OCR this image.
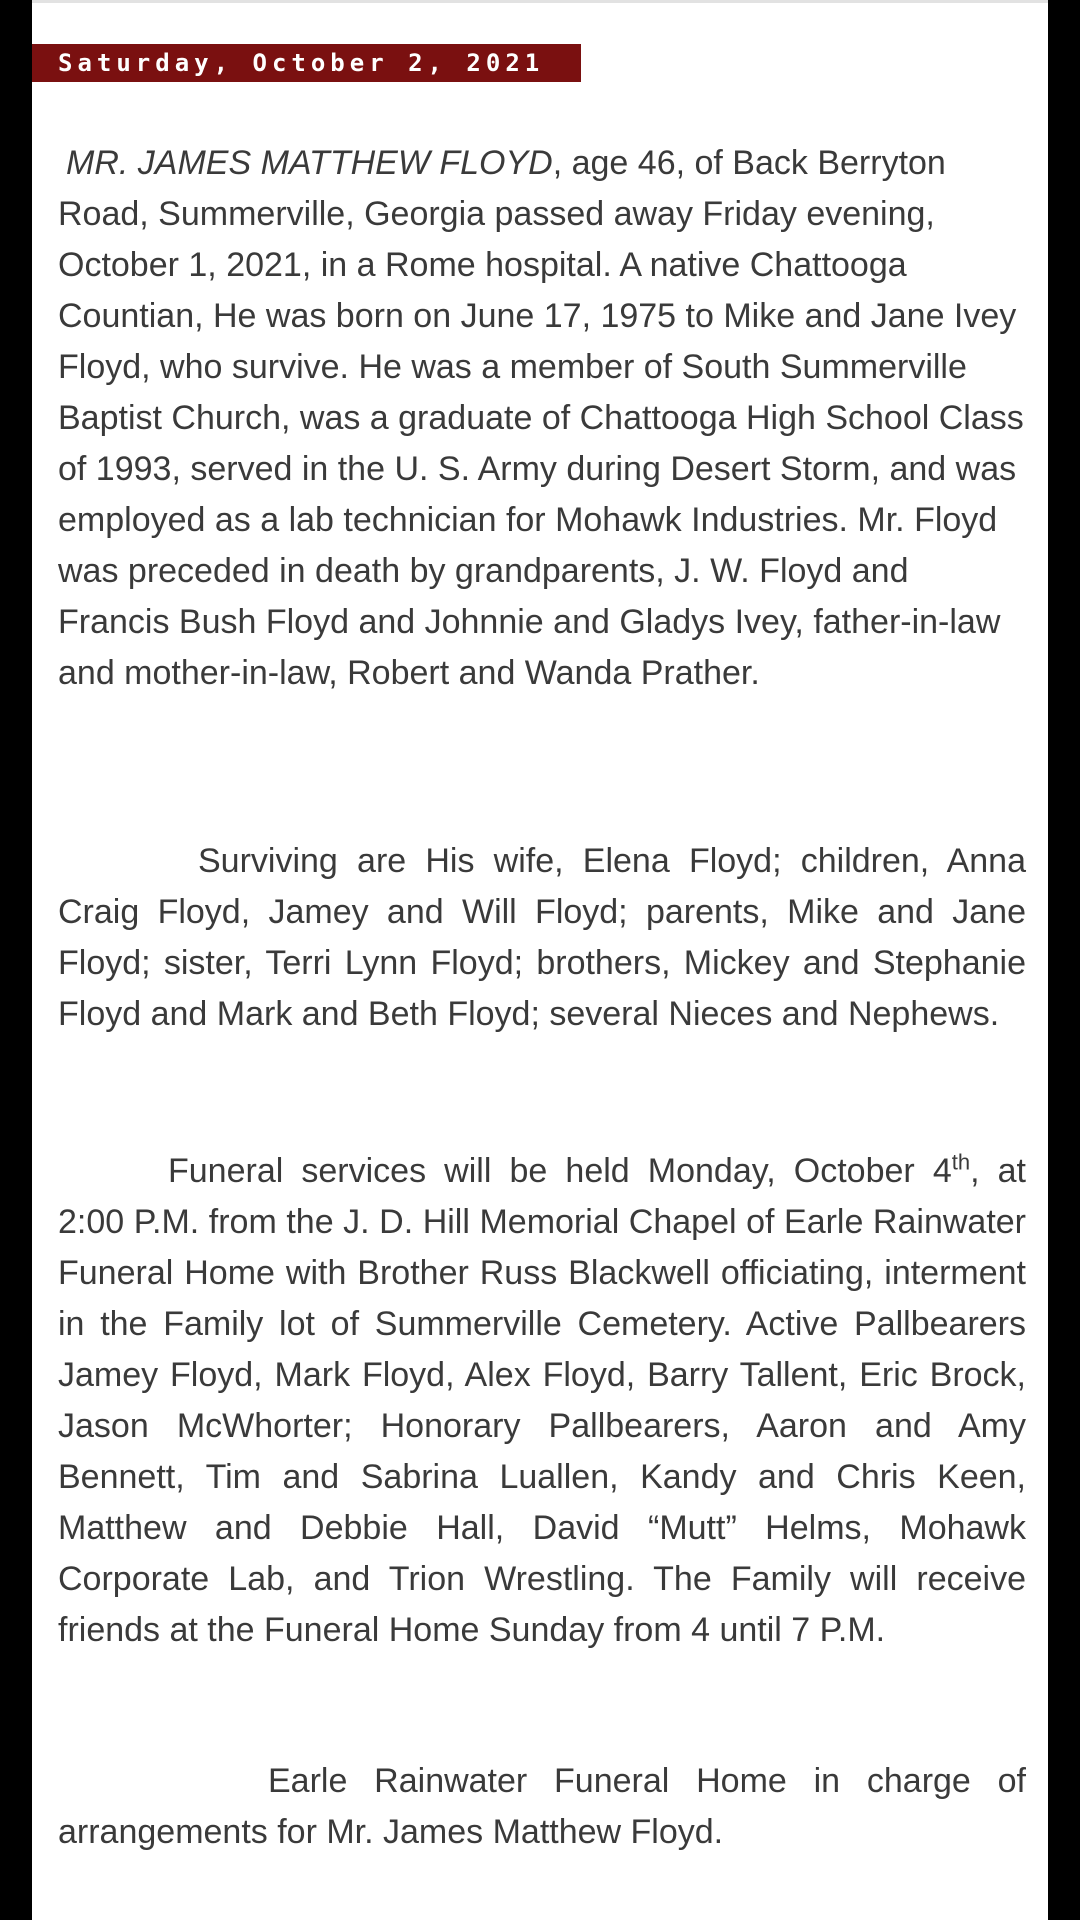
Saturday, October 2, 2021

MR. JAMES MATTHEW FLOYD, age 46, of Back Berryton Road, Summerville, Georgia passed away Friday evening, October 1, 2021, in a Rome hospital. A native Chattooga Countian, He was born on June 17, 1975 to Mike and Jane Ivey Floyd, who survive. He was a member of South Summerville Baptist Church, was a graduate of Chattooga High School Class of 1993, served in the U. S. Army during Desert Storm, and was employed as a lab technician for Mohawk Industries. Mr. Floyd was preceded in death by grandparents, J. W. Floyd and Francis Bush Floyd and Johnnie and Gladys Ivey, father-in-law and mother-in-law, Robert and Wanda Prather.

Surviving are His wife, Elena Floyd; children, Anna Craig Floyd, Jamey and Will Floyd; parents, Mike and Jane Floyd; sister, Terri Lynn Floyd; brothers, Mickey and Stephanie Floyd and Mark and Beth Floyd; several Nieces and Nephews.

Funeral services will be held Monday, October 4th, at 2:00 P.M. from the J. D. Hill Memorial Chapel of Earle Rainwater Funeral Home with Brother Russ Blackwell officiating, interment in the Family lot of Summerville Cemetery. Active Pallbearers Jamey Floyd, Mark Floyd, Alex Floyd, Barry Tallent, Eric Brock, Jason McWhorter; Honorary Pallbearers, Aaron and Amy Bennett, Tim and Sabrina Luallen, Kandy and Chris Keen, Matthew and Debbie Hall, David “Mutt” Helms, Mohawk Corporate Lab, and Trion Wrestling. The Family will receive friends at the Funeral Home Sunday from 4 until 7 P.M.

Earle Rainwater Funeral Home in charge of arrangements for Mr. James Matthew Floyd.
